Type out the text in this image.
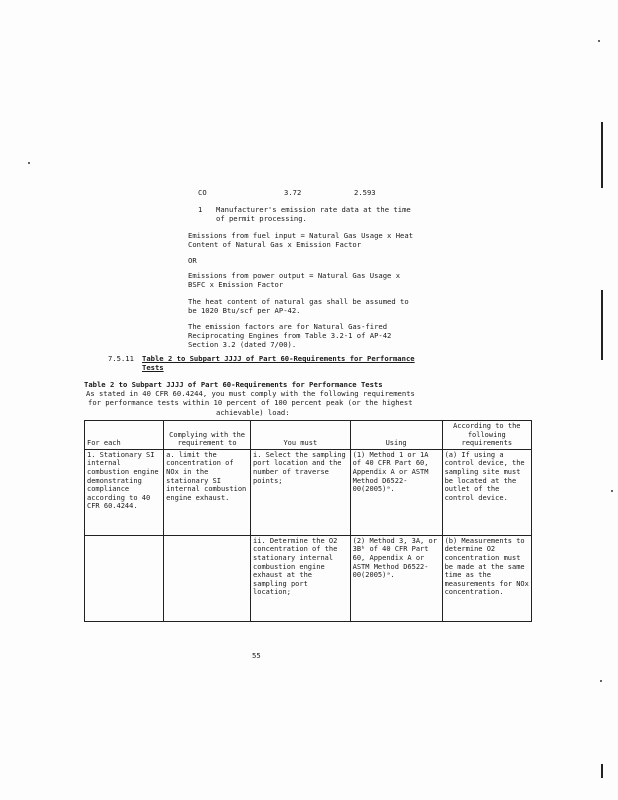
CO	3.72	2.593
1 Manufacturer's emission rate data at the time

of permit processing.

Emissions from fuel input = Natural Gas Usage x Heat

Content of Natural Gas x Emission Factor

OR

Emissions from power output = Natural Gas Usage x

BSFC x Emission Factor

The heat content of natural gas shall be assumed to

be 1020 Btu/scf per AP-42.

The emission factors are for Natural Gas-fired

Reciprocating Engines from Table 3.2-1 of AP-42

Section 3.2 (dated 7/00).

7.5.11 Table 2 to Subpart JJJJ of Part 60-Requirements for Performance

Tests

Table 2 to Subpart JJJJ of Part 60-Requirements for Performance Tests

As stated in 40 CFR 60.4244, you must comply with the following requirements

for performance tests within 10 percent of 100 percent peak (or the highest

achievable) load:

For each	Complying with the requirement to	You must	Using	According to the following requirements
1. Stationary SI internal combustion engine demonstrating compliance according to 40 CFR 60.4244.	a. limit the concentration of NOx in the stationary SI internal combustion engine exhaust.	i. Select the sampling port location and the number of traverse points;	(1) Method 1 or 1A of 40 CFR Part 60, Appendix A or ASTM Method D6522-00(2005)ᵃ.	(a) If using a control device, the sampling site must be located at the outlet of the control device.
		ii. Determine the O2 concentration of the stationary internal combustion engine exhaust at the sampling port location;	(2) Method 3, 3A, or 3Bᵇ of 40 CFR Part 60, Appendix A or ASTM Method D6522-00(2005)ᵃ.	(b) Measurements to determine O2 concentration must be made at the same time as the measurements for NOx concentration.
55
